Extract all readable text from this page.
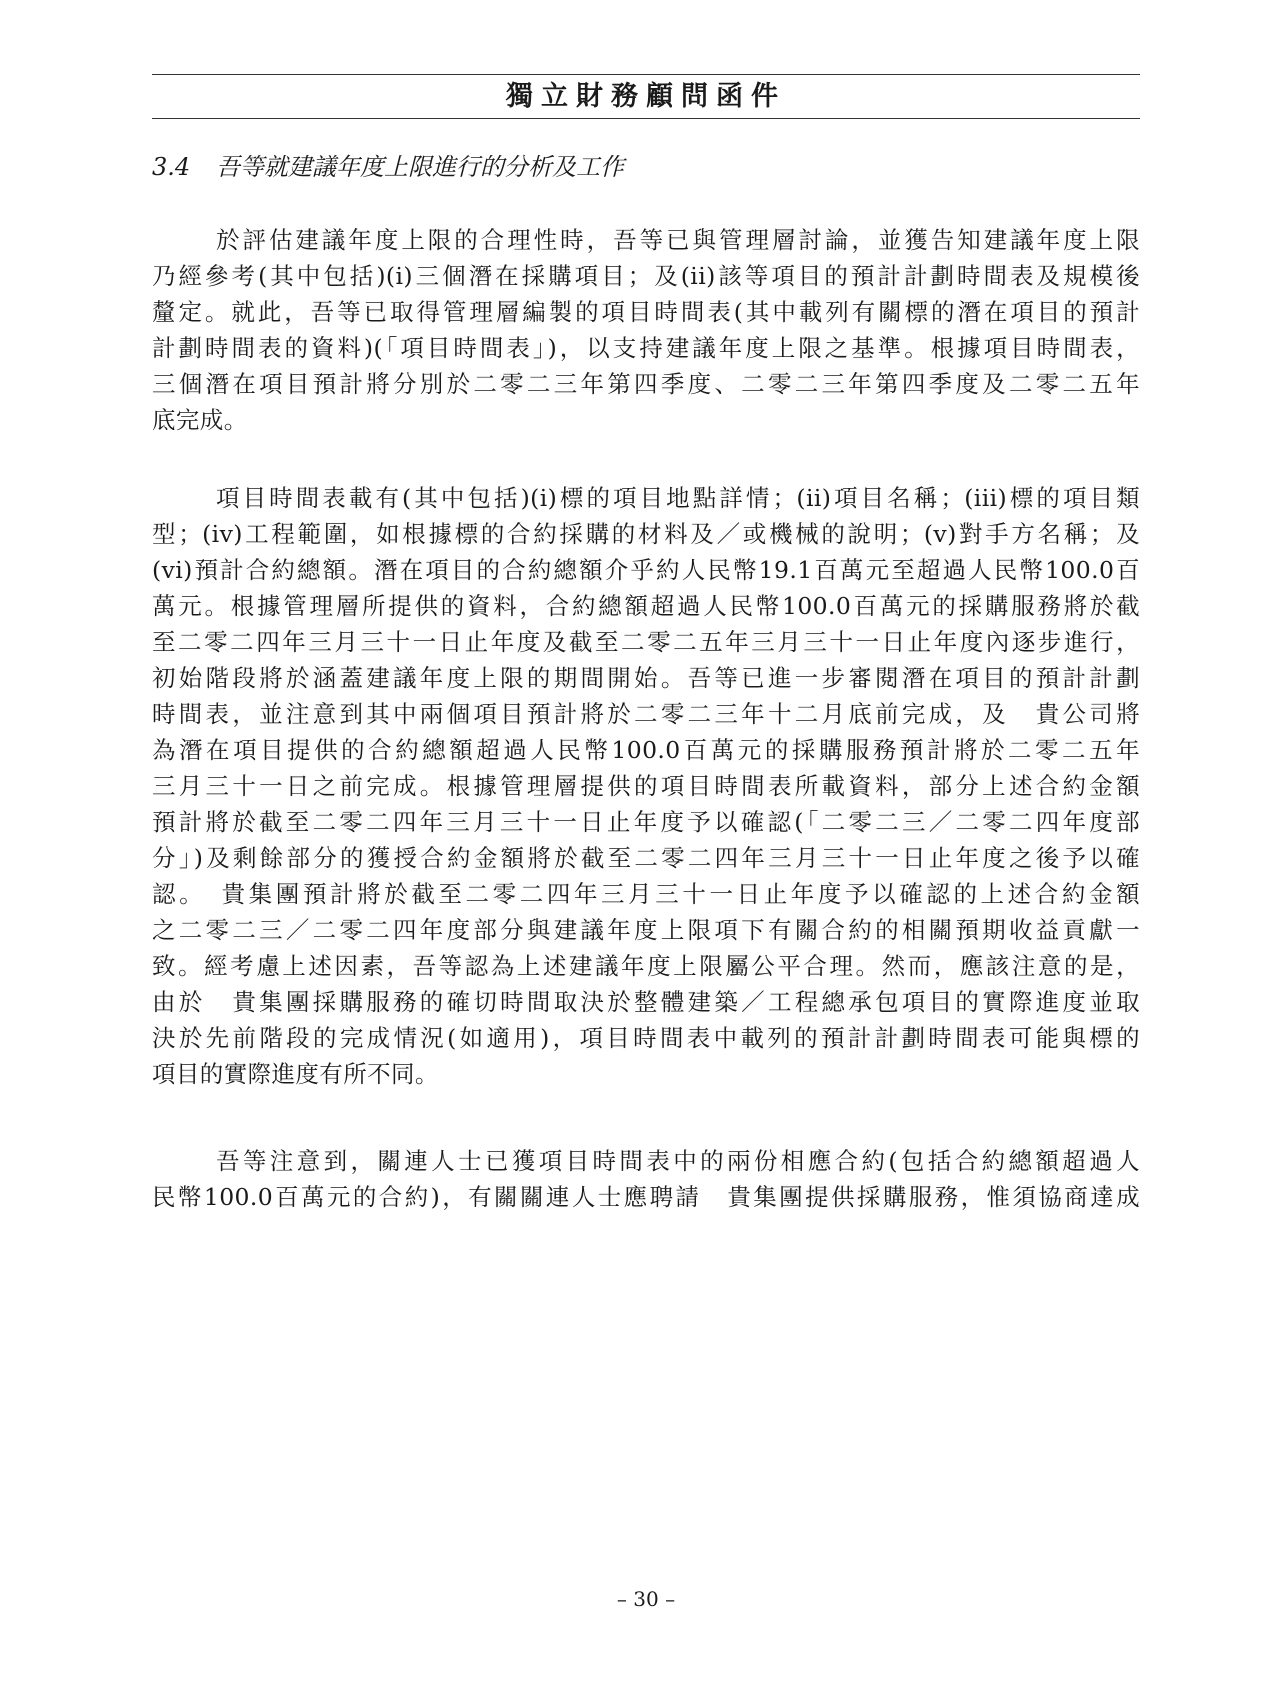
獨立財務顧問函件
3.4 吾等就建議年度上限進行的分析及工作
於評估建議年度上限的合理性時，吾等已與管理層討論，並獲告知建議年度上限
乃經參考(其中包括)(i)三個潛在採購項目；及(ii)該等項目的預計計劃時間表及規模後
釐定。就此，吾等已取得管理層編製的項目時間表(其中載列有關標的潛在項目的預計
計劃時間表的資料)(「項目時間表」)，以支持建議年度上限之基準。根據項目時間表，
三個潛在項目預計將分別於二零二三年第四季度、二零二三年第四季度及二零二五年
底完成。
項目時間表載有(其中包括)(i)標的項目地點詳情；(ii)項目名稱；(iii)標的項目類
型；(iv)工程範圍，如根據標的合約採購的材料及／或機械的說明；(v)對手方名稱；及
(vi)預計合約總額。潛在項目的合約總額介乎約人民幣19.1百萬元至超過人民幣100.0百
萬元。根據管理層所提供的資料，合約總額超過人民幣100.0百萬元的採購服務將於截
至二零二四年三月三十一日止年度及截至二零二五年三月三十一日止年度內逐步進行，
初始階段將於涵蓋建議年度上限的期間開始。吾等已進一步審閱潛在項目的預計計劃
時間表，並注意到其中兩個項目預計將於二零二三年十二月底前完成，及　貴公司將
為潛在項目提供的合約總額超過人民幣100.0百萬元的採購服務預計將於二零二五年
三月三十一日之前完成。根據管理層提供的項目時間表所載資料，部分上述合約金額
預計將於截至二零二四年三月三十一日止年度予以確認(「二零二三／二零二四年度部
分」)及剩餘部分的獲授合約金額將於截至二零二四年三月三十一日止年度之後予以確
認。　貴集團預計將於截至二零二四年三月三十一日止年度予以確認的上述合約金額
之二零二三／二零二四年度部分與建議年度上限項下有關合約的相關預期收益貢獻一
致。經考慮上述因素，吾等認為上述建議年度上限屬公平合理。然而，應該注意的是，
由於　貴集團採購服務的確切時間取決於整體建築／工程總承包項目的實際進度並取
決於先前階段的完成情況(如適用)，項目時間表中載列的預計計劃時間表可能與標的
項目的實際進度有所不同。
吾等注意到，關連人士已獲項目時間表中的兩份相應合約(包括合約總額超過人
民幣100.0百萬元的合約)，有關關連人士應聘請　貴集團提供採購服務，惟須協商達成
– 30 –
